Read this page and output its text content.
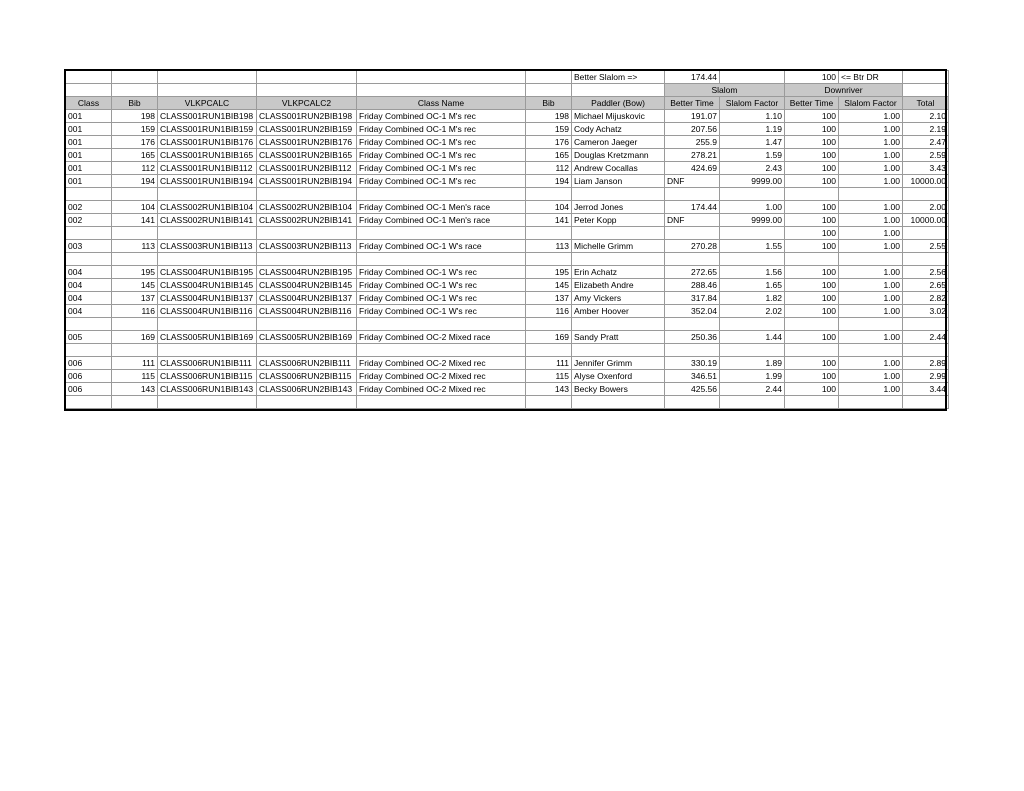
						Better Slalom =>	174.44		100	<= Btr DR	
							Slalom		Downriver		
Class	Bib	VLKPCALC	VLKPCALC2	Class Name	Bib	Paddler (Bow)	Better Time	Slalom Factor	Better Time	Slalom Factor	Total
001	198	CLASS001RUN1BIB198	CLASS001RUN2BIB198	Friday Combined OC-1 M's rec	198	Michael Mijuskovic	191.07	1.10	100	1.00	2.10
001	159	CLASS001RUN1BIB159	CLASS001RUN2BIB159	Friday Combined OC-1 M's rec	159	Cody Achatz	207.56	1.19	100	1.00	2.19
001	176	CLASS001RUN1BIB176	CLASS001RUN2BIB176	Friday Combined OC-1 M's rec	176	Cameron Jaeger	255.9	1.47	100	1.00	2.47
001	165	CLASS001RUN1BIB165	CLASS001RUN2BIB165	Friday Combined OC-1 M's rec	165	Douglas Kretzmann	278.21	1.59	100	1.00	2.59
001	112	CLASS001RUN1BIB112	CLASS001RUN2BIB112	Friday Combined OC-1 M's rec	112	Andrew Cocallas	424.69	2.43	100	1.00	3.43
001	194	CLASS001RUN1BIB194	CLASS001RUN2BIB194	Friday Combined OC-1 M's rec	194	Liam Janson	DNF	9999.00	100	1.00	10000.00

002	104	CLASS002RUN1BIB104	CLASS002RUN2BIB104	Friday Combined OC-1 Men's race	104	Jerrod Jones	174.44	1.00	100	1.00	2.00
002	141	CLASS002RUN1BIB141	CLASS002RUN2BIB141	Friday Combined OC-1 Men's race	141	Peter Kopp	DNF	9999.00	100	1.00	10000.00
									100	1.00	
003	113	CLASS003RUN1BIB113	CLASS003RUN2BIB113	Friday Combined OC-1 W's race	113	Michelle Grimm	270.28	1.55	100	1.00	2.55

004	195	CLASS004RUN1BIB195	CLASS004RUN2BIB195	Friday Combined OC-1 W's rec	195	Erin Achatz	272.65	1.56	100	1.00	2.56
004	145	CLASS004RUN1BIB145	CLASS004RUN2BIB145	Friday Combined OC-1 W's rec	145	Elizabeth Andre	288.46	1.65	100	1.00	2.65
004	137	CLASS004RUN1BIB137	CLASS004RUN2BIB137	Friday Combined OC-1 W's rec	137	Amy Vickers	317.84	1.82	100	1.00	2.82
004	116	CLASS004RUN1BIB116	CLASS004RUN2BIB116	Friday Combined OC-1 W's rec	116	Amber Hoover	352.04	2.02	100	1.00	3.02

005	169	CLASS005RUN1BIB169	CLASS005RUN2BIB169	Friday Combined OC-2 Mixed race	169	Sandy Pratt	250.36	1.44	100	1.00	2.44

006	111	CLASS006RUN1BIB111	CLASS006RUN2BIB111	Friday Combined OC-2 Mixed rec	111	Jennifer Grimm	330.19	1.89	100	1.00	2.89
006	115	CLASS006RUN1BIB115	CLASS006RUN2BIB115	Friday Combined OC-2 Mixed rec	115	Alyse Oxenford	346.51	1.99	100	1.00	2.99
006	143	CLASS006RUN1BIB143	CLASS006RUN2BIB143	Friday Combined OC-2 Mixed rec	143	Becky Bowers	425.56	2.44	100	1.00	3.44
